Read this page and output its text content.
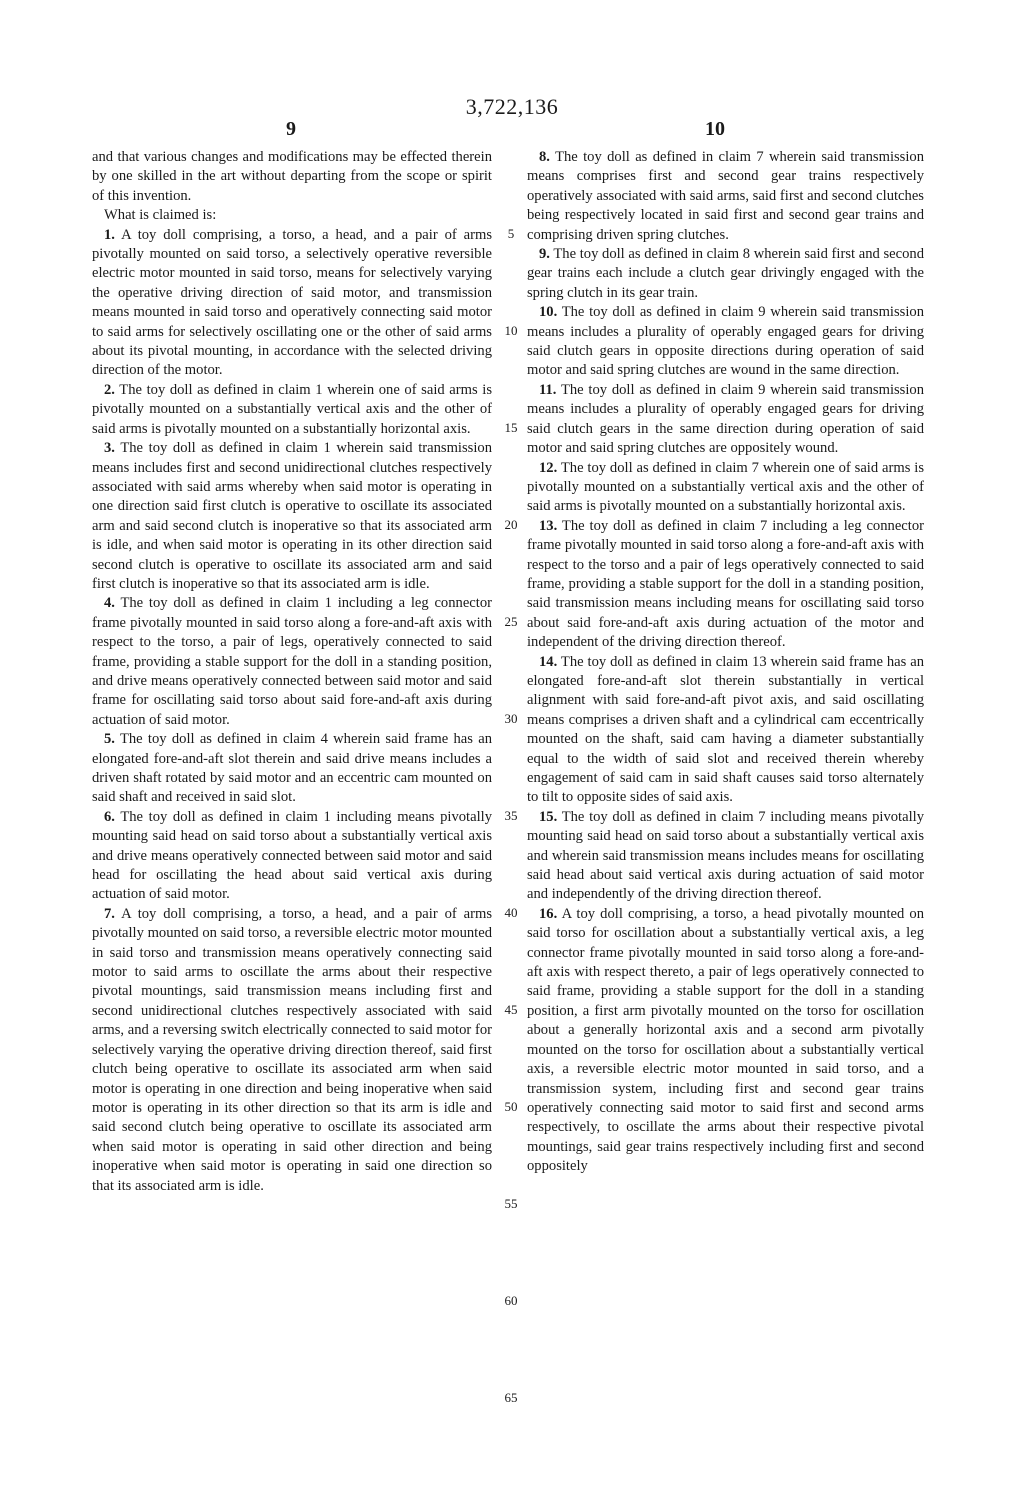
3,722,136
9	10

and that various changes and modifications may be effected therein by one skilled in the art without departing from the scope or spirit of this invention.

What is claimed is:

1. A toy doll comprising, a torso, a head, and a pair of arms pivotally mounted on said torso, a selectively operative reversible electric motor mounted in said torso, means for selectively varying the operative driving direction of said motor, and transmission means mounted in said torso and operatively connecting said motor to said arms for selectively oscillating one or the other of said arms about its pivotal mounting, in accordance with the selected driving direction of the motor.

2. The toy doll as defined in claim 1 wherein one of said arms is pivotally mounted on a substantially vertical axis and the other of said arms is pivotally mounted on a substantially horizontal axis.

3. The toy doll as defined in claim 1 wherein said transmission means includes first and second unidirectional clutches respectively associated with said arms whereby when said motor is operating in one direction said first clutch is operative to oscillate its associated arm and said second clutch is inoperative so that its associated arm is idle, and when said motor is operating in its other direction said second clutch is operative to oscillate its associated arm and said first clutch is inoperative so that its associated arm is idle.

4. The toy doll as defined in claim 1 including a leg connector frame pivotally mounted in said torso along a fore-and-aft axis with respect to the torso, a pair of legs, operatively connected to said frame, providing a stable support for the doll in a standing position, and drive means operatively connected between said motor and said frame for oscillating said torso about said fore-and-aft axis during actuation of said motor.

5. The toy doll as defined in claim 4 wherein said frame has an elongated fore-and-aft slot therein and said drive means includes a driven shaft rotated by said motor and an eccentric cam mounted on said shaft and received in said slot.

6. The toy doll as defined in claim 1 including means pivotally mounting said head on said torso about a substantially vertical axis and drive means operatively connected between said motor and said head for oscillating the head about said vertical axis during actuation of said motor.

7. A toy doll comprising, a torso, a head, and a pair of arms pivotally mounted on said torso, a reversible electric motor mounted in said torso and transmission means operatively connecting said motor to said arms to oscillate the arms about their respective pivotal mountings, said transmission means including first and second unidirectional clutches respectively associated with said arms, and a reversing switch electrically connected to said motor for selectively varying the operative driving direction thereof, said first clutch being operative to oscillate its associated arm when said motor is operating in one direction and being inoperative when said motor is operating in its other direction so that its arm is idle and said second clutch being operative to oscillate its associated arm when said motor is operating in said other direction and being inoperative when said motor is operating in said one direction so that its associated arm is idle.

8. The toy doll as defined in claim 7 wherein said transmission means comprises first and second gear trains respectively operatively associated with said arms, said first and second clutches being respectively located in said first and second gear trains and comprising driven spring clutches.

9. The toy doll as defined in claim 8 wherein said first and second gear trains each include a clutch gear drivingly engaged with the spring clutch in its gear train.

10. The toy doll as defined in claim 9 wherein said transmission means includes a plurality of operably engaged gears for driving said clutch gears in opposite directions during operation of said motor and said spring clutches are wound in the same direction.

11. The toy doll as defined in claim 9 wherein said transmission means includes a plurality of operably engaged gears for driving said clutch gears in the same direction during operation of said motor and said spring clutches are oppositely wound.

12. The toy doll as defined in claim 7 wherein one of said arms is pivotally mounted on a substantially vertical axis and the other of said arms is pivotally mounted on a substantially horizontal axis.

13. The toy doll as defined in claim 7 including a leg connector frame pivotally mounted in said torso along a fore-and-aft axis with respect to the torso and a pair of legs operatively connected to said frame, providing a stable support for the doll in a standing position, said transmission means including means for oscillating said torso about said fore-and-aft axis during actuation of the motor and independent of the driving direction thereof.

14. The toy doll as defined in claim 13 wherein said frame has an elongated fore-and-aft slot therein substantially in vertical alignment with said fore-and-aft pivot axis, and said oscillating means comprises a driven shaft and a cylindrical cam eccentrically mounted on the shaft, said cam having a diameter substantially equal to the width of said slot and received therein whereby engagement of said cam in said shaft causes said torso alternately to tilt to opposite sides of said axis.

15. The toy doll as defined in claim 7 including means pivotally mounting said head on said torso about a substantially vertical axis and wherein said transmission means includes means for oscillating said head about said vertical axis during actuation of said motor and independently of the driving direction thereof.

16. A toy doll comprising, a torso, a head pivotally mounted on said torso for oscillation about a substantially vertical axis, a leg connector frame pivotally mounted in said torso along a fore-and-aft axis with respect thereto, a pair of legs operatively connected to said frame, providing a stable support for the doll in a standing position, a first arm pivotally mounted on the torso for oscillation about a generally horizontal axis and a second arm pivotally mounted on the torso for oscillation about a substantially vertical axis, a reversible electric motor mounted in said torso, and a transmission system, including first and second gear trains operatively connecting said motor to said first and second arms respectively, to oscillate the arms about their respective pivotal mountings, said gear trains respectively including first and second oppositely

5
10
15
20
25
30
35
40
45
50
55
60
65
